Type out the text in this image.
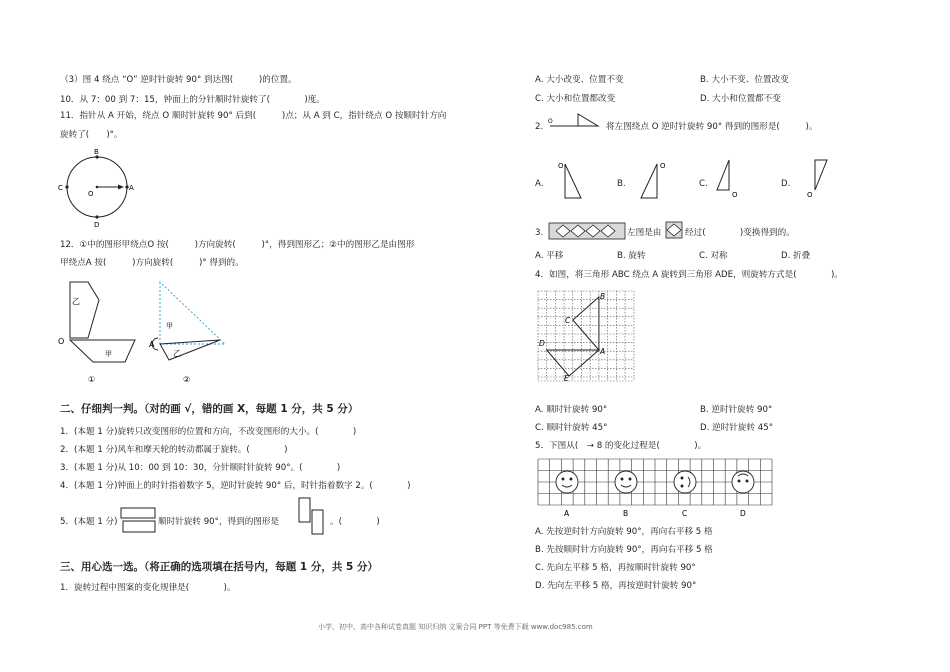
（3）图 4 绕点 “O” 逆时针旋转 90° 到达图(　　　)的位置。
10．从 7：00 到 7：15，钟面上的分针顺时针旋转了(　　　　)度。
11．指针从 A 开始，绕点 O 顺时针旋转 90° 后到(　　　)点；从 A 到 C，指针绕点 O 按顺时针方向
旋转了(　　)°。
B
C
O
A
D
12．①中的图形甲绕点O 按(　　　)方向旋转(　　　)°，得到图形乙；②中的图形乙是由图形
甲绕点A 按(　　　)方向旋转(　　　)° 得到的。
乙
甲
O
①
甲
乙
A
②
二、仔细判一判。（对的画 √，错的画 X，每题 1 分，共 5 分）
1．(本题 1 分)旋转只改变图形的位置和方向，不改变图形的大小。(　　　　)
2．(本题 1 分)风车和摩天轮的转动都属于旋转。(　　　　)
3．(本题 1 分)从 10：00 到 10：30，分针顺时针旋转 90°。(　　　　)
4．(本题 1 分)钟面上的时针指着数字 5，逆时针旋转 90° 后，时针指着数字 2。(　　　　)
5．(本题 1 分)	顺时针旋转 90°，得到的图形是	。(　　　　)
三、用心选一选。（将正确的选项填在括号内，每题 1 分，共 5 分）
1．旋转过程中图案的变化规律是(　　　　)。
A. 大小改变、位置不变	B. 大小不变、位置改变
C. 大小和位置都改变	D. 大小和位置都不变
2.
O
将左图绕点 O 逆时针旋转 90° 得到的图形是(　　　)。
A.
O
B.
O
C.
O
D.
O
3.	左图是由	经过(　　　　)变换得到的。
A. 平移	B. 旋转	C. 对称	D. 折叠
4．如图，将三角形 ABC 绕点 A 旋转到三角形 ADE，则旋转方式是(　　　　)。
B
C
D
A
E
A. 顺时针旋转 90°	B. 逆时针旋转 90°
C. 顺时针旋转 45°	D. 逆时针旋转 45°
5．下图从(　→ 8 的变化过程是(　　　　)。
A	B	C	D
A. 先按逆时针方向旋转 90°，再向右平移 5 格
B. 先按顺时针方向旋转 90°，再向右平移 5 格
C. 先向左平移 5 格，再按顺时针旋转 90°
D. 先向左平移 5 格，再按逆时针旋转 90°
小学、初中、高中各种试卷真题 知识归纳 文案合同 PPT 等免费下载 www.doc985.com
